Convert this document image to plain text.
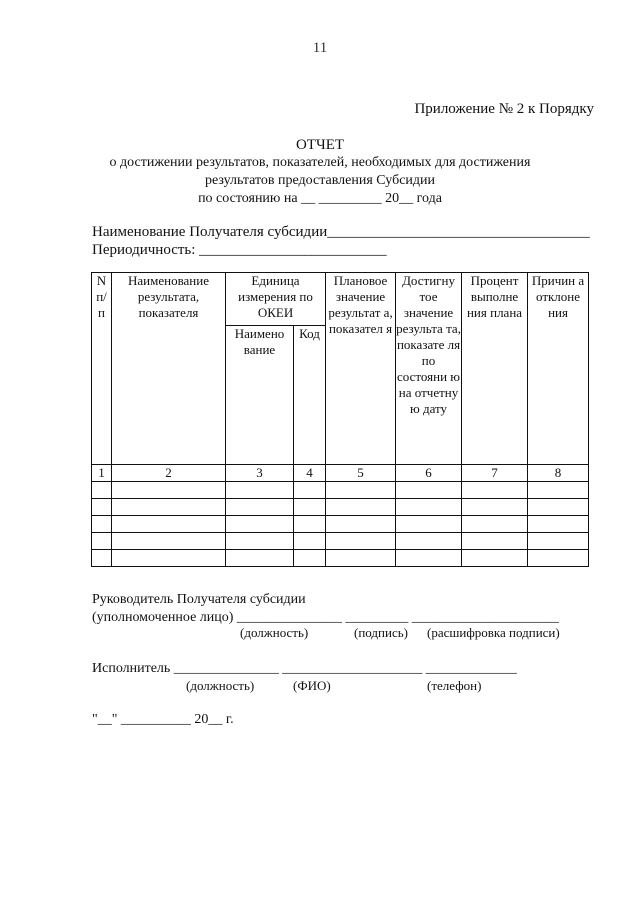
11
Приложение № 2 к Порядку
ОТЧЕТ
о достижении результатов, показателей, необходимых для достижения
результатов предоставления Субсидии
по состоянию на __ _________ 20__ года
Наименование Получателя субсидии___________________________________
Периодичность: _________________________
N п/ п	Наименование результата, показателя	Единица измерения по ОКЕИ		Плановое значение результат а, показател я	Достигну тое значение результа та, показате ля по состояни ю на отчетну ю дату	Процент выполне ния плана	Причин а отклоне ния
		Наимено вание	Код				
1	2	3	4	5	6	7	8

Руководитель Получателя субсидии
(уполномоченное лицо) _______________ _________ _____________________
(должность)	(подпись) (расшифровка подписи)
Исполнитель _______________ ____________________ _____________
(должность)	(ФИО)	(телефон)
"__" __________ 20__ г.
